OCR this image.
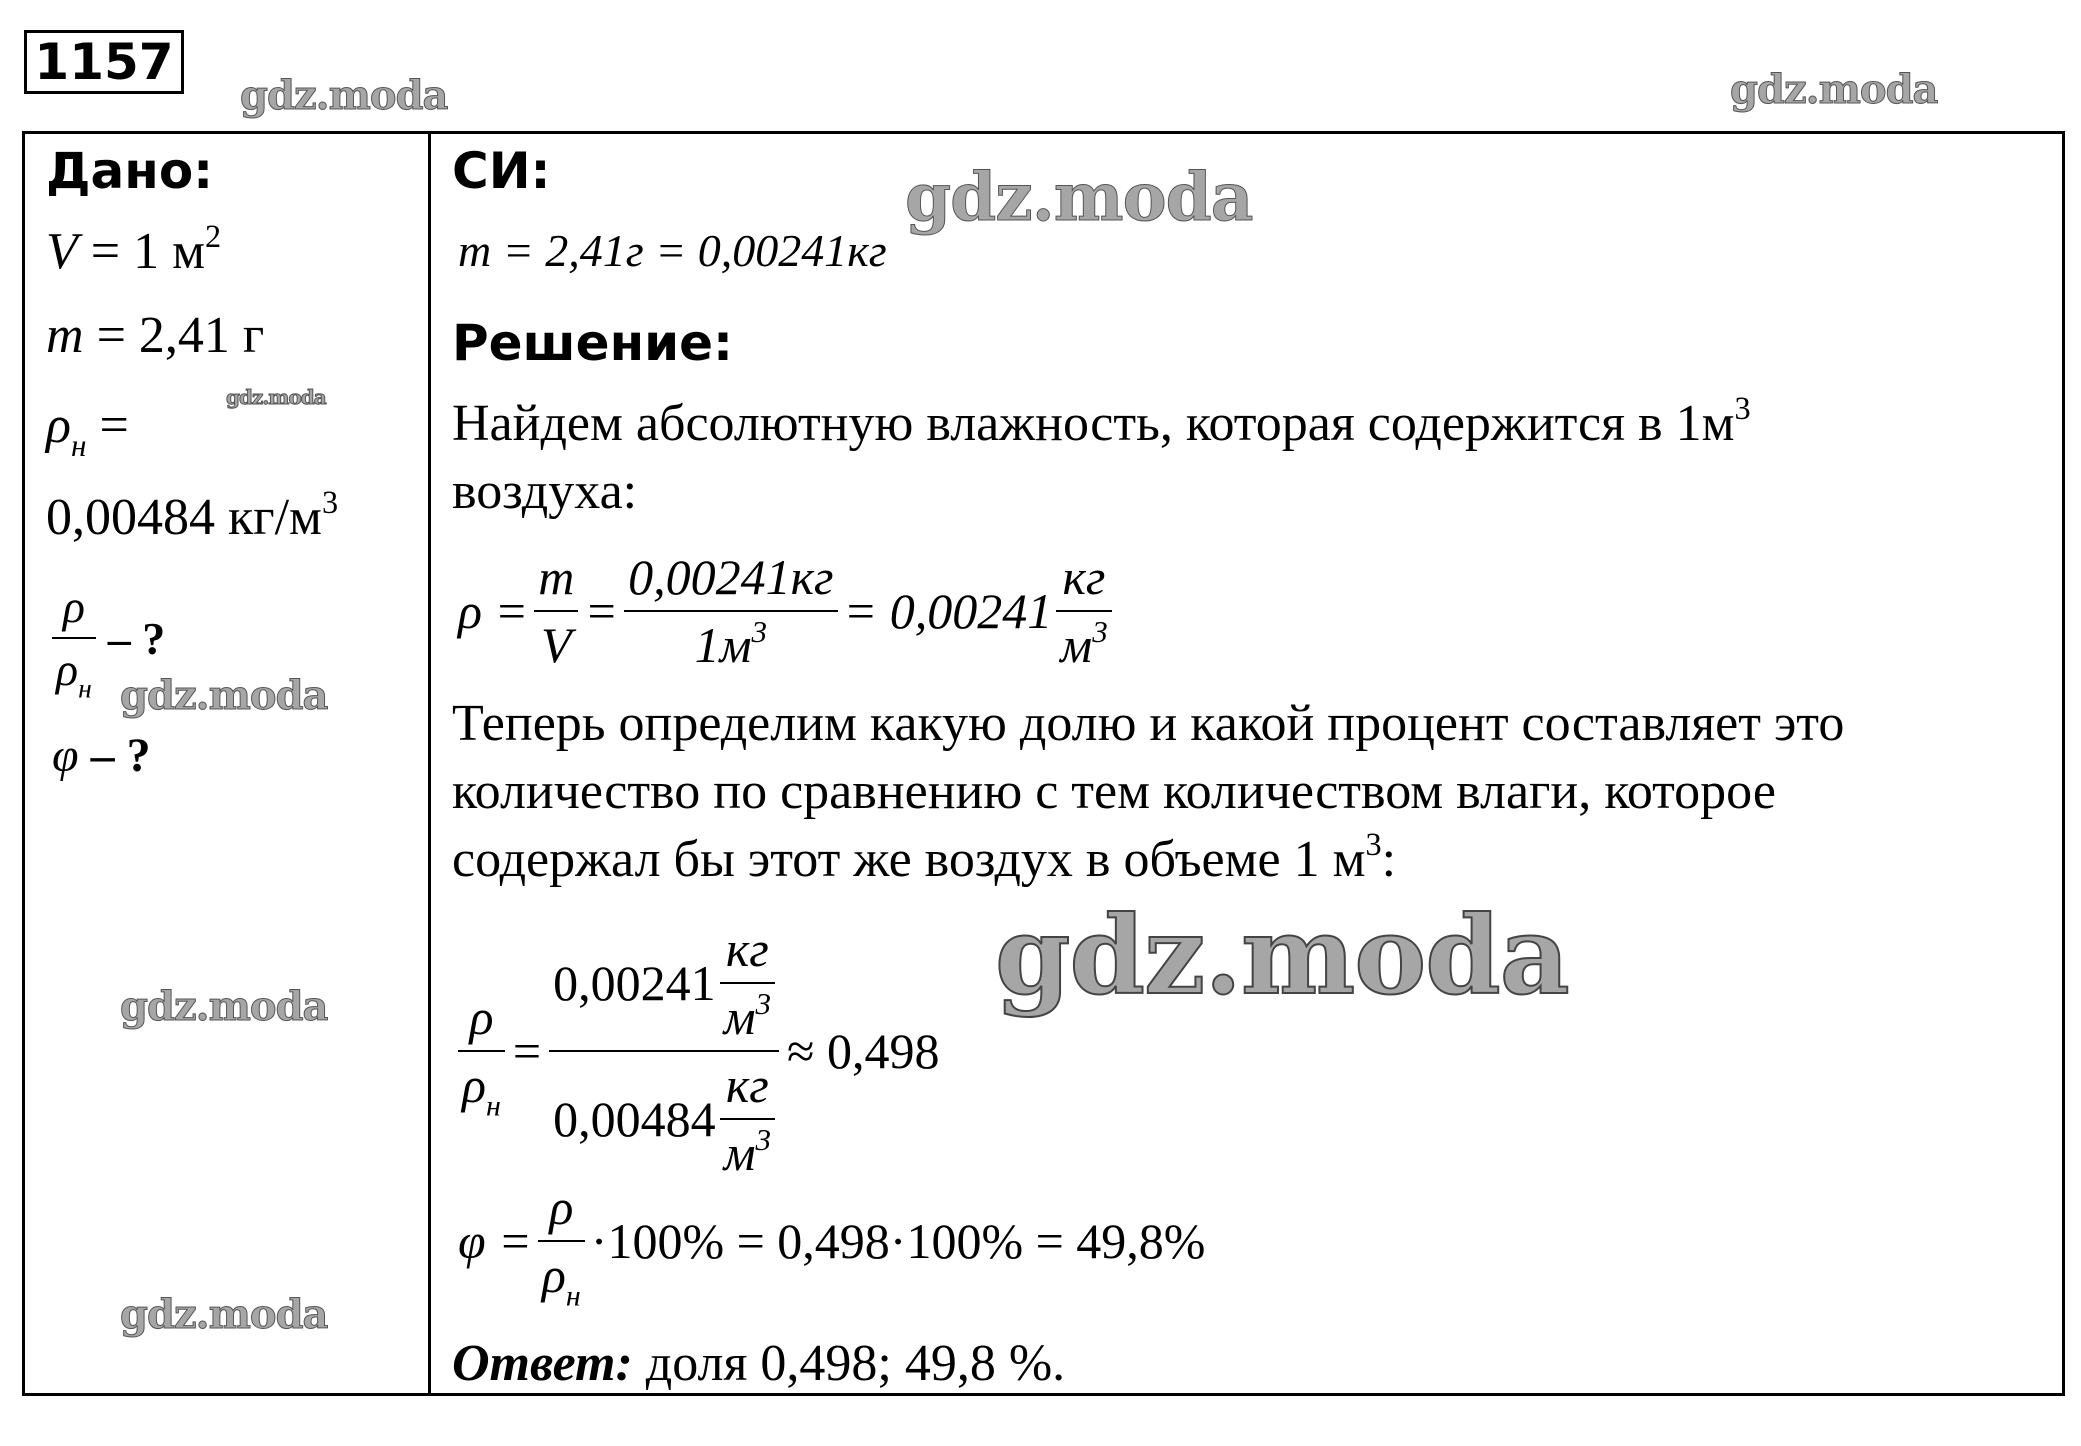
1157
gdz.moda	gdz.moda
gdz.moda
gdz.moda
gdz.moda
gdz.moda
gdz.moda
gdz.moda
Дано:
V = 1 $м^2$
m = 2,41 г
$\rho_н$ =
0,00484 $кг/м^3$
$\frac{\rho}{\rho_н}$ – ?
φ – ?
СИ:
m = 2,41г = 0,00241кг
Решение:
Найдем абсолютную влажность, которая содержится в $1м^3$
воздуха:
$\rho = \frac{m}{V} = \frac{0,00241кг}{1м^3} = 0,00241 \frac{кг}{м^3}$
Теперь определим какую долю и какой процент составляет это
количество по сравнению с тем количеством влаги, которое
содержал бы этот же воздух в объеме 1 $м^3$:
$\frac{\rho}{\rho_н} = \frac{0,00241 \frac{кг}{м^3}}{0,00484 \frac{кг}{м^3}} \approx 0,498$
$\varphi = \frac{\rho}{\rho_н} \cdot 100\% = 0,498\cdot 100\% = 49,8\%$
Ответ: доля 0,498; 49,8 %.
